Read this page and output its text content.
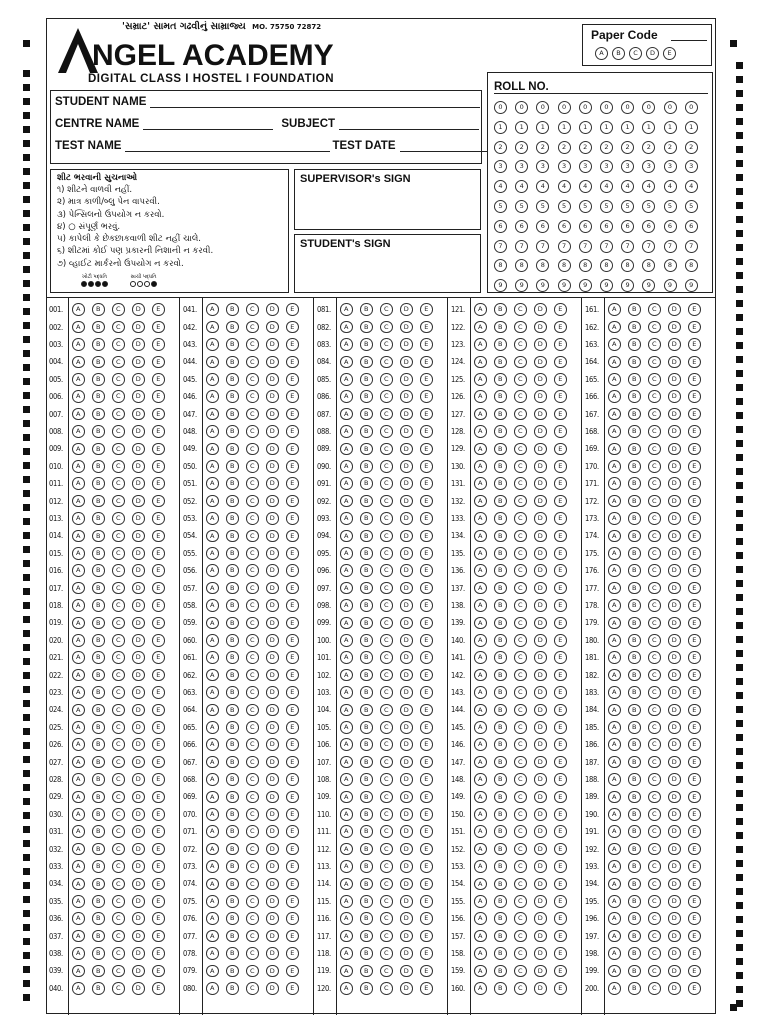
'સમ્રાટ' સામત ગઢવીનું સામ્રાજ્ય MO. 75750 72872
NGEL ACADEMY
DIGITAL CLASS I HOSTEL I FOUNDATION
Paper Code
A	B	C	D	E
STUDENT NAME
CENTRE NAME	SUBJECT
TEST NAME	TEST DATE
શીટ ભરવાની સુચનાઓ
૧) શીટને વાળવી નહીં.
૨) માત્ર કાળી/બ્લુ પેન વાપરવી.
૩) પેન્સિલનો ઉપયોગ ન કરવો.
૪) ○ સંપૂર્ણ ભરવું.
૫) કાપેલી કે છેકછાકવાળી શીટ નહીં ચાલે.
૬) શીટમાં કોઈ પણ પ્રકારની નિશાની ન કરવી.
૭) વ્હાઈટ માર્કરનો ઉપયોગ ન કરવો.
ખોટી પદ્ધતિ	સાચી પદ્ધતિ
SUPERVISOR's SIGN
STUDENT's SIGN
ROLL NO.
0	0	0	0	0	0	0	0	0	0
1	1	1	1	1	1	1	1	1	1
2	2	2	2	2	2	2	2	2	2
3	3	3	3	3	3	3	3	3	3
4	4	4	4	4	4	4	4	4	4
5	5	5	5	5	5	5	5	5	5
6	6	6	6	6	6	6	6	6	6
7	7	7	7	7	7	7	7	7	7
8	8	8	8	8	8	8	8	8	8
9	9	9	9	9	9	9	9	9	9
001.	A	B	C	D	E
002.	A	B	C	D	E
003.	A	B	C	D	E
004.	A	B	C	D	E
005.	A	B	C	D	E
006.	A	B	C	D	E
007.	A	B	C	D	E
008.	A	B	C	D	E
009.	A	B	C	D	E
010.	A	B	C	D	E
011.	A	B	C	D	E
012.	A	B	C	D	E
013.	A	B	C	D	E
014.	A	B	C	D	E
015.	A	B	C	D	E
016.	A	B	C	D	E
017.	A	B	C	D	E
018.	A	B	C	D	E
019.	A	B	C	D	E
020.	A	B	C	D	E
021.	A	B	C	D	E
022.	A	B	C	D	E
023.	A	B	C	D	E
024.	A	B	C	D	E
025.	A	B	C	D	E
026.	A	B	C	D	E
027.	A	B	C	D	E
028.	A	B	C	D	E
029.	A	B	C	D	E
030.	A	B	C	D	E
031.	A	B	C	D	E
032.	A	B	C	D	E
033.	A	B	C	D	E
034.	A	B	C	D	E
035.	A	B	C	D	E
036.	A	B	C	D	E
037.	A	B	C	D	E
038.	A	B	C	D	E
039.	A	B	C	D	E
040.	A	B	C	D	E
041.	A	B	C	D	E
042.	A	B	C	D	E
043.	A	B	C	D	E
044.	A	B	C	D	E
045.	A	B	C	D	E
046.	A	B	C	D	E
047.	A	B	C	D	E
048.	A	B	C	D	E
049.	A	B	C	D	E
050.	A	B	C	D	E
051.	A	B	C	D	E
052.	A	B	C	D	E
053.	A	B	C	D	E
054.	A	B	C	D	E
055.	A	B	C	D	E
056.	A	B	C	D	E
057.	A	B	C	D	E
058.	A	B	C	D	E
059.	A	B	C	D	E
060.	A	B	C	D	E
061.	A	B	C	D	E
062.	A	B	C	D	E
063.	A	B	C	D	E
064.	A	B	C	D	E
065.	A	B	C	D	E
066.	A	B	C	D	E
067.	A	B	C	D	E
068.	A	B	C	D	E
069.	A	B	C	D	E
070.	A	B	C	D	E
071.	A	B	C	D	E
072.	A	B	C	D	E
073.	A	B	C	D	E
074.	A	B	C	D	E
075.	A	B	C	D	E
076.	A	B	C	D	E
077.	A	B	C	D	E
078.	A	B	C	D	E
079.	A	B	C	D	E
080.	A	B	C	D	E
081.	A	B	C	D	E
082.	A	B	C	D	E
083.	A	B	C	D	E
084.	A	B	C	D	E
085.	A	B	C	D	E
086.	A	B	C	D	E
087.	A	B	C	D	E
088.	A	B	C	D	E
089.	A	B	C	D	E
090.	A	B	C	D	E
091.	A	B	C	D	E
092.	A	B	C	D	E
093.	A	B	C	D	E
094.	A	B	C	D	E
095.	A	B	C	D	E
096.	A	B	C	D	E
097.	A	B	C	D	E
098.	A	B	C	D	E
099.	A	B	C	D	E
100.	A	B	C	D	E
101.	A	B	C	D	E
102.	A	B	C	D	E
103.	A	B	C	D	E
104.	A	B	C	D	E
105.	A	B	C	D	E
106.	A	B	C	D	E
107.	A	B	C	D	E
108.	A	B	C	D	E
109.	A	B	C	D	E
110.	A	B	C	D	E
111.	A	B	C	D	E
112.	A	B	C	D	E
113.	A	B	C	D	E
114.	A	B	C	D	E
115.	A	B	C	D	E
116.	A	B	C	D	E
117.	A	B	C	D	E
118.	A	B	C	D	E
119.	A	B	C	D	E
120.	A	B	C	D	E
121.	A	B	C	D	E
122.	A	B	C	D	E
123.	A	B	C	D	E
124.	A	B	C	D	E
125.	A	B	C	D	E
126.	A	B	C	D	E
127.	A	B	C	D	E
128.	A	B	C	D	E
129.	A	B	C	D	E
130.	A	B	C	D	E
131.	A	B	C	D	E
132.	A	B	C	D	E
133.	A	B	C	D	E
134.	A	B	C	D	E
135.	A	B	C	D	E
136.	A	B	C	D	E
137.	A	B	C	D	E
138.	A	B	C	D	E
139.	A	B	C	D	E
140.	A	B	C	D	E
141.	A	B	C	D	E
142.	A	B	C	D	E
143.	A	B	C	D	E
144.	A	B	C	D	E
145.	A	B	C	D	E
146.	A	B	C	D	E
147.	A	B	C	D	E
148.	A	B	C	D	E
149.	A	B	C	D	E
150.	A	B	C	D	E
151.	A	B	C	D	E
152.	A	B	C	D	E
153.	A	B	C	D	E
154.	A	B	C	D	E
155.	A	B	C	D	E
156.	A	B	C	D	E
157.	A	B	C	D	E
158.	A	B	C	D	E
159.	A	B	C	D	E
160.	A	B	C	D	E
161.	A	B	C	D	E
162.	A	B	C	D	E
163.	A	B	C	D	E
164.	A	B	C	D	E
165.	A	B	C	D	E
166.	A	B	C	D	E
167.	A	B	C	D	E
168.	A	B	C	D	E
169.	A	B	C	D	E
170.	A	B	C	D	E
171.	A	B	C	D	E
172.	A	B	C	D	E
173.	A	B	C	D	E
174.	A	B	C	D	E
175.	A	B	C	D	E
176.	A	B	C	D	E
177.	A	B	C	D	E
178.	A	B	C	D	E
179.	A	B	C	D	E
180.	A	B	C	D	E
181.	A	B	C	D	E
182.	A	B	C	D	E
183.	A	B	C	D	E
184.	A	B	C	D	E
185.	A	B	C	D	E
186.	A	B	C	D	E
187.	A	B	C	D	E
188.	A	B	C	D	E
189.	A	B	C	D	E
190.	A	B	C	D	E
191.	A	B	C	D	E
192.	A	B	C	D	E
193.	A	B	C	D	E
194.	A	B	C	D	E
195.	A	B	C	D	E
196.	A	B	C	D	E
197.	A	B	C	D	E
198.	A	B	C	D	E
199.	A	B	C	D	E
200.	A	B	C	D	E
